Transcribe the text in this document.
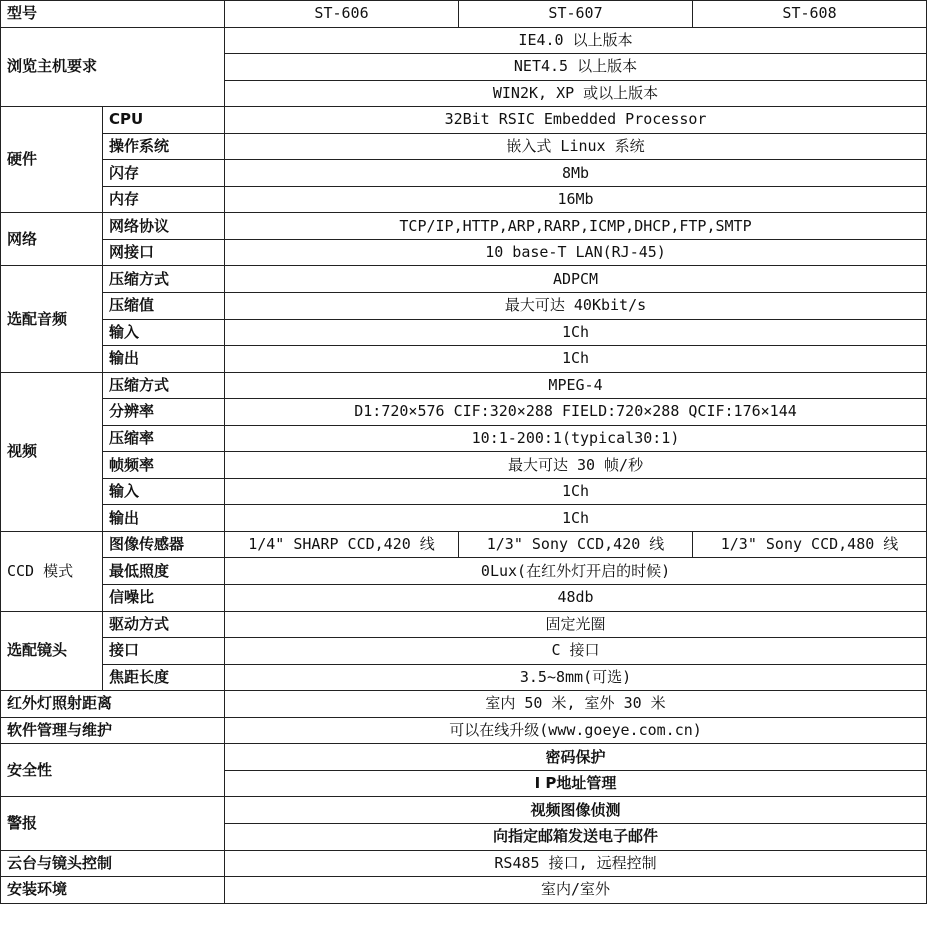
型号		ST-606	ST-607	ST-608
浏览主机要求		IE4.0 以上版本		
		NET4.5 以上版本		
		WIN2K, XP 或以上版本		
硬件	CPU	32Bit RSIC Embedded Processor		
	操作系统	嵌入式 Linux 系统		
	闪存	8Mb		
	内存	16Mb		
网络	网络协议	TCP/IP,HTTP,ARP,RARP,ICMP,DHCP,FTP,SMTP		
	网接口	10 base-T LAN(RJ-45)		
选配音频	压缩方式	ADPCM		
	压缩值	最大可达 40Kbit/s		
	输入	1Ch		
	输出	1Ch		
视频	压缩方式	MPEG-4		
	分辨率	D1:720×576 CIF:320×288 FIELD:720×288 QCIF:176×144		
	压缩率	10:1-200:1(typical30:1)		
	帧频率	最大可达 30 帧/秒		
	输入	1Ch		
	输出	1Ch		
CCD 模式	图像传感器	1/4" SHARP CCD,420 线	1/3" Sony CCD,420 线	1/3" Sony CCD,480 线
	最低照度	0Lux(在红外灯开启的时候)		
	信噪比	48db		
选配镜头	驱动方式	固定光圈		
	接口	C 接口		
	焦距长度	3.5~8mm(可选)		
红外灯照射距离		室内 50 米, 室外 30 米		
软件管理与维护		可以在线升级(www.goeye.com.cn)		
安全性		密码保护		
		I P地址管理		
警报		视频图像侦测		
		向指定邮箱发送电子邮件		
云台与镜头控制		RS485 接口, 远程控制		
安装环境		室内/室外		
